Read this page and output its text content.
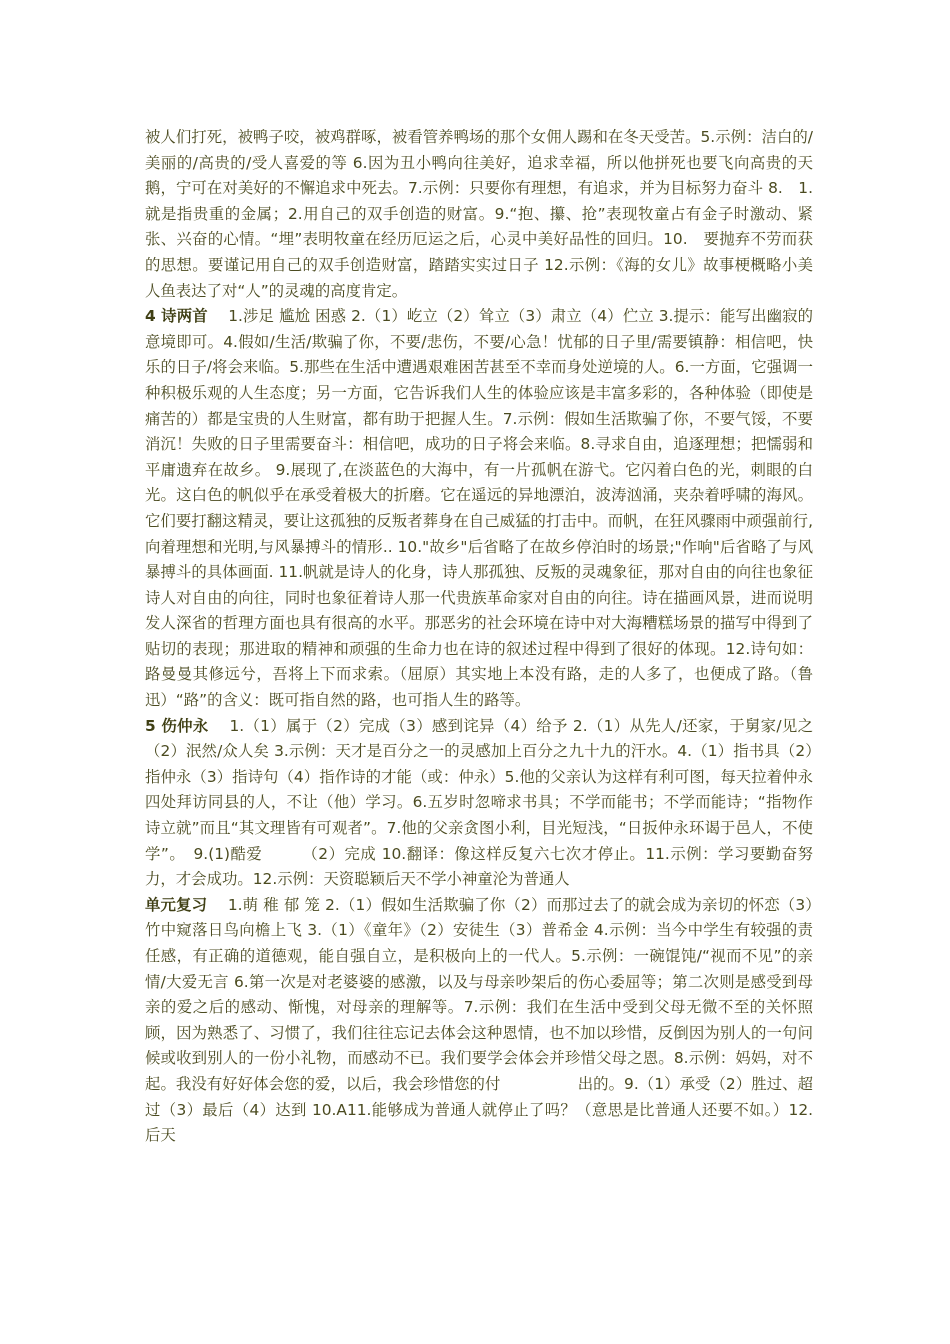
被人们打死，被鸭子咬，被鸡群啄，被看管养鸭场的那个女佣人踢和在冬天受苦。5.示例：洁白的/美丽的/高贵的/受人喜爱的等 6.因为丑小鸭向往美好，追求幸福，所以他拼死也要飞向高贵的天鹅，宁可在对美好的不懈追求中死去。7.示例：只要你有理想，有追求，并为目标努力奋斗 8.　1.就是指贵重的金属；2.用自己的双手创造的财富。9.“抱、攥、抢”表现牧童占有金子时激动、紧张、兴奋的心情。“埋”表明牧童在经历厄运之后，心灵中美好品性的回归。10.　要抛弃不劳而获的思想。要谨记用自己的双手创造财富，踏踏实实过日子 12.示例：《海的女儿》故事梗概略小美人鱼表达了对“人”的灵魂的高度肯定。

4 诗两首　 1.涉足 尴尬 困惑 2.（1）屹立（2）耸立（3）肃立（4）伫立 3.提示：能写出幽寂的意境即可。4.假如/生活/欺骗了你，不要/悲伤，不要/心急！忧郁的日子里/需要镇静：相信吧，快乐的日子/将会来临。5.那些在生活中遭遇艰难困苦甚至不幸而身处逆境的人。6.一方面，它强调一种积极乐观的人生态度；另一方面，它告诉我们人生的体验应该是丰富多彩的，各种体验（即使是痛苦的）都是宝贵的人生财富，都有助于把握人生。7.示例：假如生活欺骗了你，不要气馁，不要消沉！失败的日子里需要奋斗：相信吧，成功的日子将会来临。8.寻求自由，追逐理想；把懦弱和平庸遗弃在故乡。 9.展现了,在淡蓝色的大海中，有一片孤帆在游弋。它闪着白色的光，刺眼的白光。这白色的帆似乎在承受着极大的折磨。它在遥远的异地漂泊，波涛汹涌，夹杂着呼啸的海风。它们要打翻这精灵，要让这孤独的反叛者葬身在自己威猛的打击中。而帆，在狂风骤雨中顽强前行,向着理想和光明,与风暴搏斗的情形.. 10."故乡"后省略了在故乡停泊时的场景;"作响"后省略了与风暴搏斗的具体画面. 11.帆就是诗人的化身，诗人那孤独、反叛的灵魂象征，那对自由的向往也象征诗人对自由的向往，同时也象征着诗人那一代贵族革命家对自由的向往。诗在描画风景，进而说明发人深省的哲理方面也具有很高的水平。那恶劣的社会环境在诗中对大海糟糕场景的描写中得到了贴切的表现；那进取的精神和顽强的生命力也在诗的叙述过程中得到了很好的体现。12.诗句如：路曼曼其修远兮，吾将上下而求索。（屈原）其实地上本没有路，走的人多了，也便成了路。（鲁迅）“路”的含义：既可指自然的路，也可指人生的路等。

5 伤仲永　 1.（1）属于（2）完成（3）感到诧异（4）给予 2.（1）从先人/还家，于舅家/见之（2）泯然/众人矣 3.示例：天才是百分之一的灵感加上百分之九十九的汗水。4.（1）指书具（2）指仲永（3）指诗句（4）指作诗的才能（或：仲永）5.他的父亲认为这样有利可图，每天拉着仲永四处拜访同县的人，不让（他）学习。6.五岁时忽啼求书具；不学而能书；不学而能诗；“指物作诗立就”而且“其文理皆有可观者”。7.他的父亲贪图小利，目光短浅，“日扳仲永环谒于邑人，不使学”。　9.(1)酷爱　　　（2）完成 10.翻译：像这样反复六七次才停止。11.示例：学习要勤奋努力，才会成功。12.示例：天资聪颖后天不学小神童沦为普通人

单元复习　 1.萌 稚 郁 笼 2.（1）假如生活欺骗了你（2）而那过去了的就会成为亲切的怀恋（3）竹中窥落日鸟向檐上飞 3.（1）《童年》（2）安徒生（3）普希金 4.示例：当今中学生有较强的责任感，有正确的道德观，能自强自立，是积极向上的一代人。5.示例：一碗馄饨/“视而不见”的亲情/大爱无言 6.第一次是对老婆婆的感激，以及与母亲吵架后的伤心委屈等；第二次则是感受到母亲的爱之后的感动、惭愧，对母亲的理解等。7.示例：我们在生活中受到父母无微不至的关怀照顾，因为熟悉了、习惯了，我们往往忘记去体会这种恩情，也不加以珍惜，反倒因为别人的一句问候或收到别人的一份小礼物，而感动不已。我们要学会体会并珍惜父母之恩。8.示例：妈妈，对不起。我没有好好体会您的爱，以后，我会珍惜您的付　　　　　出的。9.（1）承受（2）胜过、超过（3）最后（4）达到 10.A11.能够成为普通人就停止了吗？（意思是比普通人还要不如。）12.后天
